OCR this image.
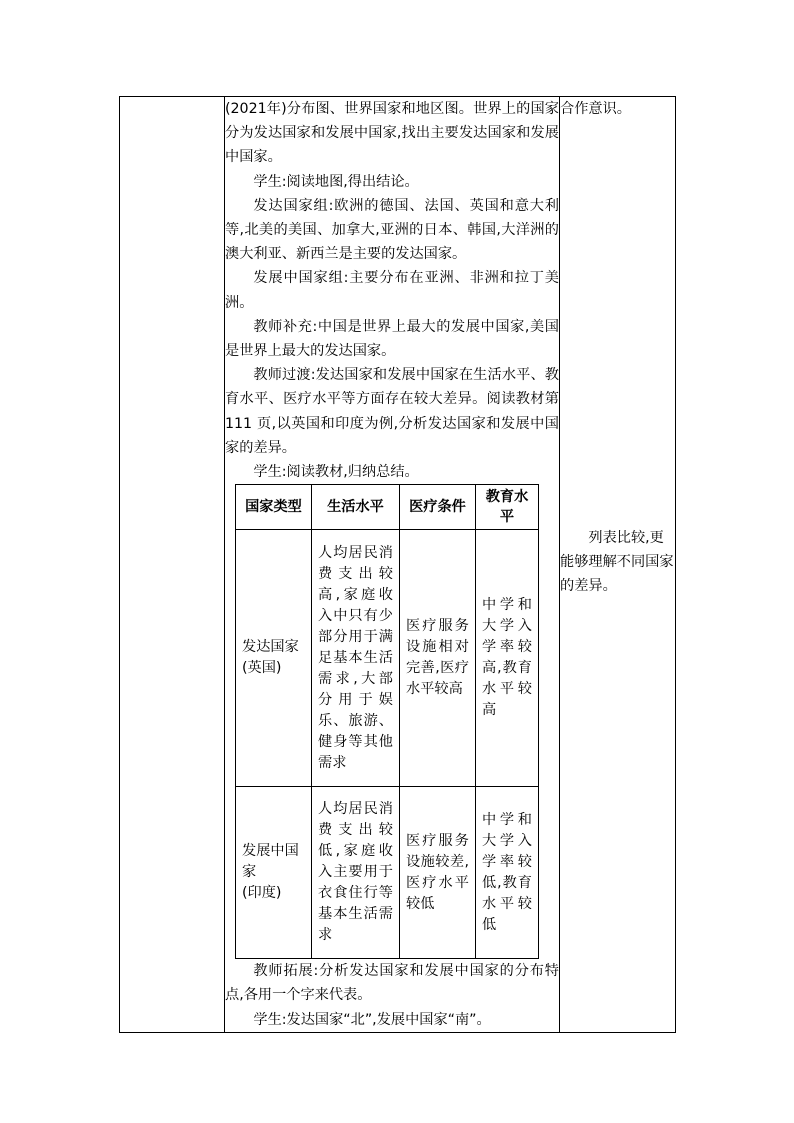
(2021年)分布图、世界国家和地区图。世界上的国家分为发达国家和发展中国家,找出主要发达国家和发展中国家。

学生:阅读地图,得出结论。

发达国家组:欧洲的德国、法国、英国和意大利等,北美的美国、加拿大,亚洲的日本、韩国,大洋洲的澳大利亚、新西兰是主要的发达国家。

发展中国家组:主要分布在亚洲、非洲和拉丁美洲。

教师补充:中国是世界上最大的发展中国家,美国是世界上最大的发达国家。

教师过渡:发达国家和发展中国家在生活水平、教育水平、医疗水平等方面存在较大差异。阅读教材第 111 页,以英国和印度为例,分析发达国家和发展中国家的差异。

学生:阅读教材,归纳总结。

国家类型	生活水平	医疗条件	教育水平

发达国家
(英国)
	人均居民消费支出较高,家庭收入中只有少部分用于满足基本生活需求,大部分用于娱乐、旅游、健身等其他需求	医疗服务设施相对完善,医疗水平较高	中学和大学入学率较高,教育水平较高

发展中国家
(印度)
	人均居民消费支出较低,家庭收入主要用于衣食住行等基本生活需求	医疗服务设施较差,医疗水平较低	中学和大学入学率较低,教育水平较低

教师拓展:分析发达国家和发展中国家的分布特点,各用一个字来代表。

学生:发达国家“北”,发展中国家“南”。

合作意识。

列表比较,更能够理解不同国家的差异。
